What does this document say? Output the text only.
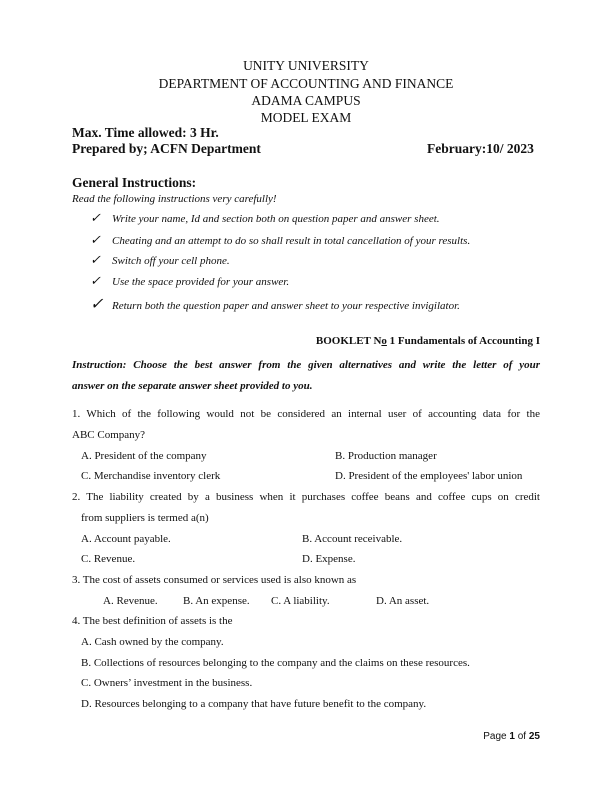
UNITY UNIVERSITY
DEPARTMENT OF ACCOUNTING AND FINANCE
ADAMA CAMPUS
MODEL EXAM
Max. Time allowed: 3 Hr.
Prepared by; ACFN Department	February:10/ 2023
General Instructions:
Read the following instructions very carefully!
✓ Write your name, Id and section both on question paper and answer sheet.
✓ Cheating and an attempt to do so shall result in total cancellation of your results.
✓ Switch off your cell phone.
✓ Use the space provided for your answer.
✓ Return both the question paper and answer sheet to your respective invigilator.
BOOKLET No 1 Fundamentals of Accounting I
Instruction: Choose the best answer from the given alternatives and write the letter of your
answer on the separate answer sheet provided to you.
1. Which of the following would not be considered an internal user of accounting data for the
ABC Company?
A. President of the company	B. Production manager
C. Merchandise inventory clerk	D. President of the employees' labor union
2. The liability created by a business when it purchases coffee beans and coffee cups on credit
from suppliers is termed a(n)
A. Account payable.	B. Account receivable.
C. Revenue.	D. Expense.
3. The cost of assets consumed or services used is also known as
A. Revenue. B. An expense. C. A liability.	D. An asset.
4. The best definition of assets is the
A. Cash owned by the company.
B. Collections of resources belonging to the company and the claims on these resources.
C. Owners’ investment in the business.
D. Resources belonging to a company that have future benefit to the company.
Page 1 of 25
